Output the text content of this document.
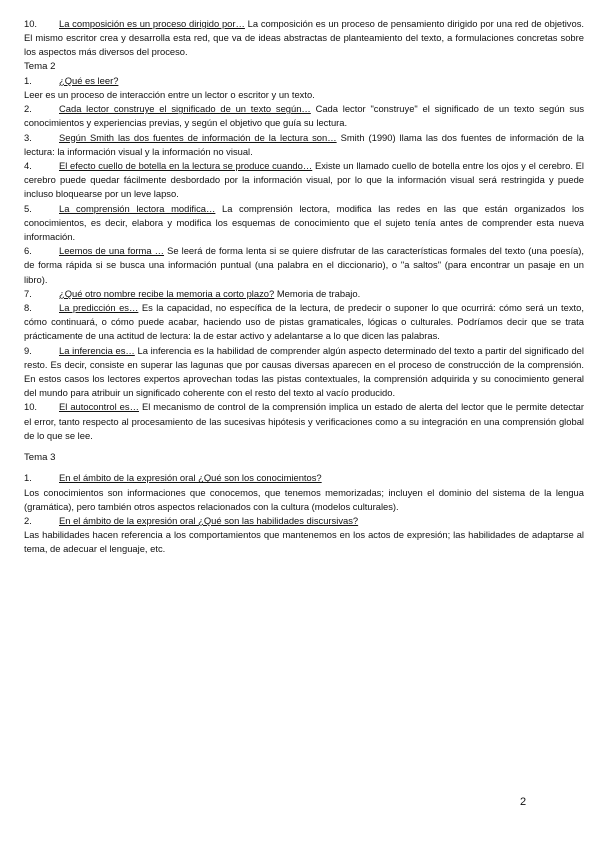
10. La composición es un proceso dirigido por… La composición es un proceso de pensamiento dirigido por una red de objetivos. El mismo escritor crea y desarrolla esta red, que va de ideas abstractas de planteamiento del texto, a formulaciones concretas sobre los aspectos más diversos del proceso.

Tema 2

1.	¿Qué es leer?

Leer es un proceso de interacción entre un lector o escritor y un texto.

2.	Cada lector construye el significado de un texto según… Cada lector "construye" el significado de un texto según sus conocimientos y experiencias previas, y según el objetivo que guía su lectura.

3.	Según Smith las dos fuentes de información de la lectura son… Smith (1990) llama las dos fuentes de información de la lectura: la información visual y la información no visual.

4.	El efecto cuello de botella en la lectura se produce cuando… Existe un llamado cuello de botella entre los ojos y el cerebro. El cerebro puede quedar fácilmente desbordado por la información visual, por lo que la información visual será restringida y puede incluso bloquearse por un leve lapso.

5.	La comprensión lectora modifica… La comprensión lectora, modifica las redes en las que están organizados los conocimientos, es decir, elabora y modifica los esquemas de conocimiento que el sujeto tenía antes de comprender esta nueva información.

6.	Leemos de una forma … Se leerá de forma lenta si se quiere disfrutar de las características formales del texto (una poesía), de forma rápida si se busca una información puntual (una palabra en el diccionario), o "a saltos" (para encontrar un pasaje en un libro).

7.	¿Qué otro nombre recibe la memoria a corto plazo? Memoria de trabajo.

8.	La predicción es… Es la capacidad, no específica de la lectura, de predecir o suponer lo que ocurrirá: cómo será un texto, cómo continuará, o cómo puede acabar, haciendo uso de pistas gramaticales, lógicas o culturales. Podríamos decir que se trata prácticamente de una actitud de lectura: la de estar activo y adelantarse a lo que dicen las palabras.

9.	La inferencia es… La inferencia es la habilidad de comprender algún aspecto determinado del texto a partir del significado del resto. Es decir, consiste en superar las lagunas que por causas diversas aparecen en el proceso de construcción de la comprensión. En estos casos los lectores expertos aprovechan todas las pistas contextuales, la comprensión adquirida y su conocimiento general del mundo para atribuir un significado coherente con el resto del texto al vacío producido.

10. El autocontrol es… El mecanismo de control de la comprensión implica un estado de alerta del lector que le permite detectar el error, tanto respecto al procesamiento de las sucesivas hipótesis y verificaciones como a su integración en una comprensión global de lo que se lee.

Tema 3

1.	En el ámbito de la expresión oral ¿Qué son los conocimientos?

Los conocimientos son informaciones que conocemos, que tenemos memorizadas; incluyen el dominio del sistema de la lengua (gramática), pero también otros aspectos relacionados con la cultura (modelos culturales).

2.	En el ámbito de la expresión oral ¿Qué son las habilidades discursivas?

Las habilidades hacen referencia a los comportamientos que mantenemos en los actos de expresión; las habilidades de adaptarse al tema, de adecuar el lenguaje, etc.

2
